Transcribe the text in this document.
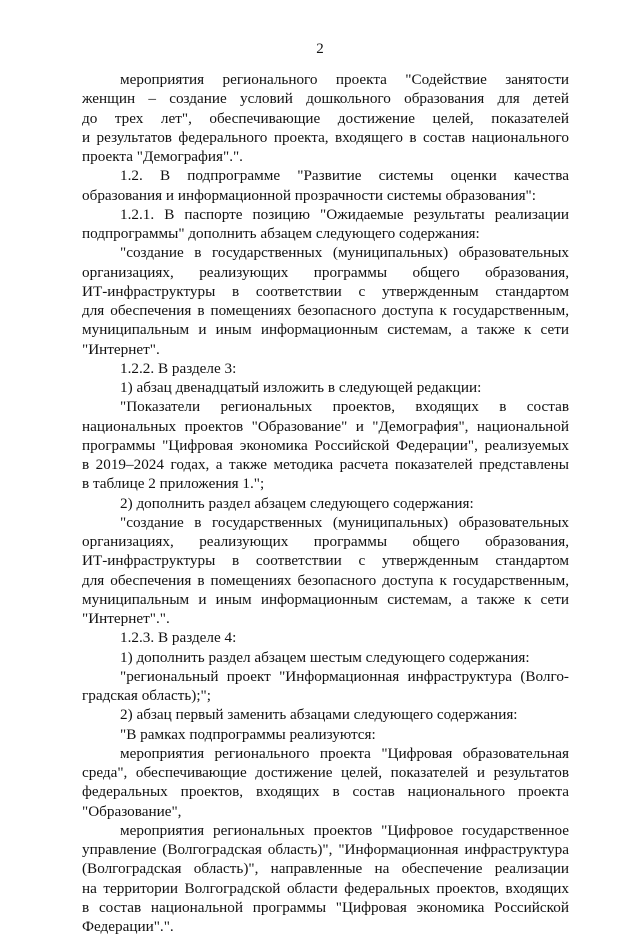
2
мероприятия регионального проекта "Содействие занятости
женщин – создание условий дошкольного образования для детей
до трех лет", обеспечивающие достижение целей, показателей
и результатов федерального проекта, входящего в состав национального
проекта "Демография".".
1.2. В подпрограмме "Развитие системы оценки качества
образования и информационной прозрачности системы образования":
1.2.1. В паспорте позицию "Ожидаемые результаты реализации
подпрограммы" дополнить абзацем следующего содержания:
"создание в государственных (муниципальных) образовательных
организациях, реализующих программы общего образования,
ИТ-инфраструктуры в соответствии с утвержденным стандартом
для обеспечения в помещениях безопасного доступа к государственным,
муниципальным и иным информационным системам, а также к сети
"Интернет".
1.2.2. В разделе 3:
1) абзац двенадцатый изложить в следующей редакции:
"Показатели региональных проектов, входящих в состав
национальных проектов "Образование" и "Демография", национальной
программы "Цифровая экономика Российской Федерации", реализуемых
в 2019–2024 годах, а также методика расчета показателей представлены
в таблице 2 приложения 1.";
2) дополнить раздел абзацем следующего содержания:
"создание в государственных (муниципальных) образовательных
организациях, реализующих программы общего образования,
ИТ-инфраструктуры в соответствии с утвержденным стандартом
для обеспечения в помещениях безопасного доступа к государственным,
муниципальным и иным информационным системам, а также к сети
"Интернет".".
1.2.3. В разделе 4:
1) дополнить раздел абзацем шестым следующего содержания:
"региональный проект "Информационная инфраструктура (Волго-
градская область);";
2) абзац первый заменить абзацами следующего содержания:
"В рамках подпрограммы реализуются:
мероприятия регионального проекта "Цифровая образовательная
среда", обеспечивающие достижение целей, показателей и результатов
федеральных проектов, входящих в состав национального проекта
"Образование",
мероприятия региональных проектов "Цифровое государственное
управление (Волгоградская область)", "Информационная инфраструктура
(Волгоградская область)", направленные на обеспечение реализации
на территории Волгоградской области федеральных проектов, входящих
в состав национальной программы "Цифровая экономика Российской
Федерации".".
